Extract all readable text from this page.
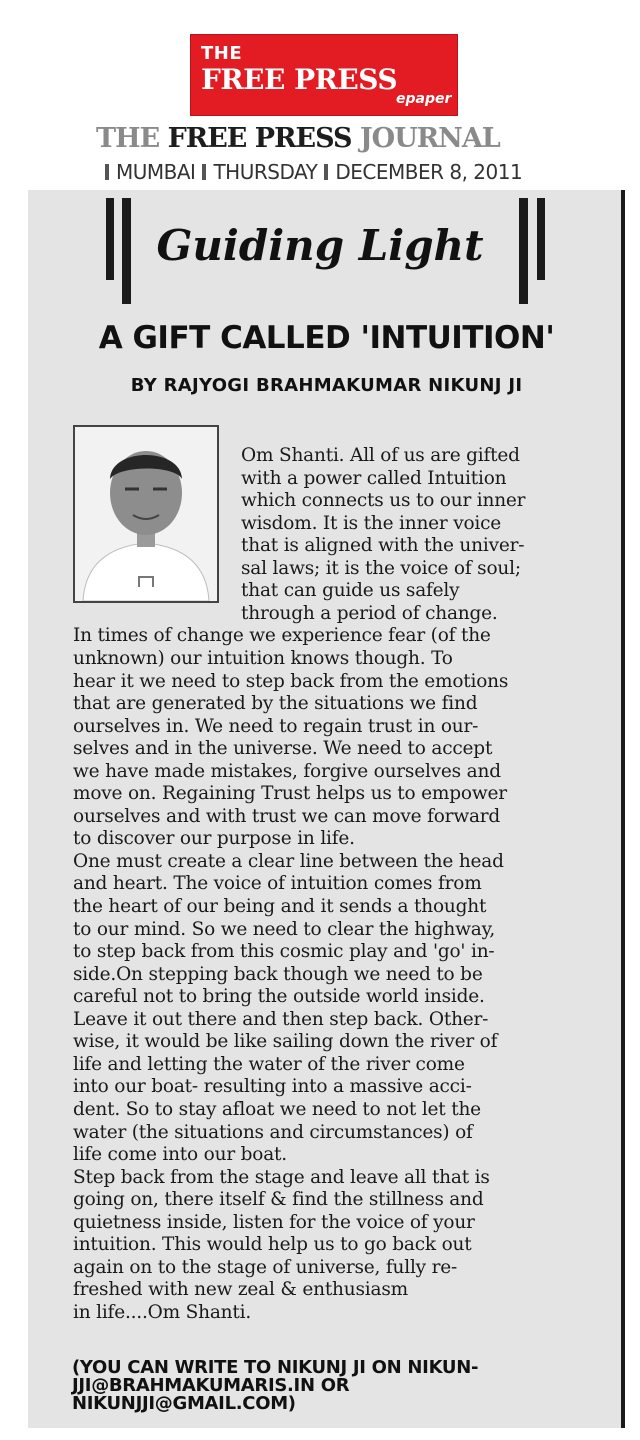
THE
FREE PRESS
epaper
THE FREE PRESS JOURNAL
MUMBAI THURSDAY DECEMBER 8, 2011
Guiding Light
A GIFT CALLED 'INTUITION'
BY RAJYOGI BRAHMAKUMAR NIKUNJ JI
Om Shanti. All of us are gifted
with a power called Intuition
which connects us to our inner
wisdom. It is the inner voice
that is aligned with the univer-
sal laws; it is the voice of soul;
that can guide us safely
through a period of change.
In times of change we experience fear (of the
unknown) our intuition knows though. To
hear it we need to step back from the emotions
that are generated by the situations we find
ourselves in. We need to regain trust in our-
selves and in the universe. We need to accept
we have made mistakes, forgive ourselves and
move on. Regaining Trust helps us to empower
ourselves and with trust we can move forward
to discover our purpose in life.
One must create a clear line between the head
and heart. The voice of intuition comes from
the heart of our being and it sends a thought
to our mind. So we need to clear the highway,
to step back from this cosmic play and 'go' in-
side.On stepping back though we need to be
careful not to bring the outside world inside.
Leave it out there and then step back. Other-
wise, it would be like sailing down the river of
life and letting the water of the river come
into our boat- resulting into a massive acci-
dent. So to stay afloat we need to not let the
water (the situations and circumstances) of
life come into our boat.
Step back from the stage and leave all that is
going on, there itself & find the stillness and
quietness inside, listen for the voice of your
intuition. This would help us to go back out
again on to the stage of universe, fully re-
freshed with new zeal & enthusiasm
in life....Om Shanti.
(YOU CAN WRITE TO NIKUNJ JI ON NIKUN-
JJI@BRAHMAKUMARIS.IN OR
NIKUNJJI@GMAIL.COM)
